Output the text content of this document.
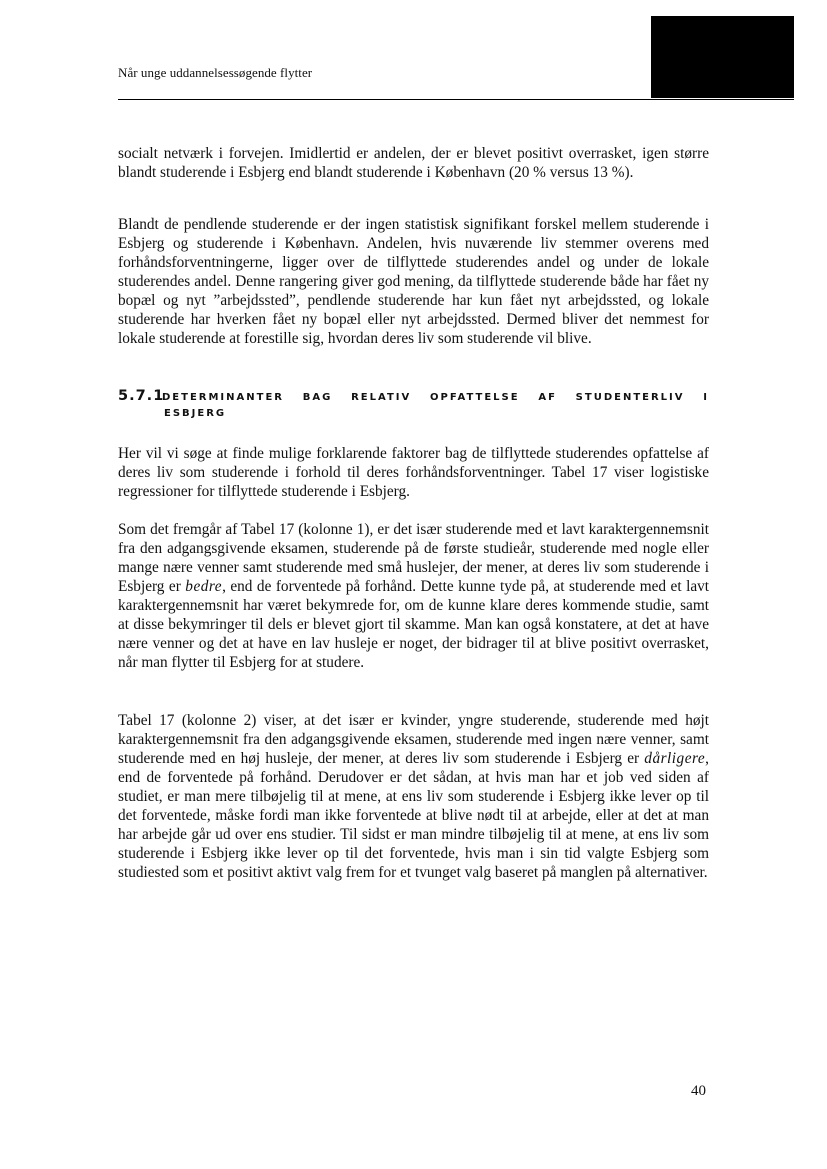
Når unge uddannelsessøgende flytter

socialt netværk i forvejen. Imidlertid er andelen, der er blevet positivt overrasket, igen større blandt studerende i Esbjerg end blandt studerende i København (20 % versus 13 %).

Blandt de pendlende studerende er der ingen statistisk signifikant forskel mellem studerende i Esbjerg og studerende i København. Andelen, hvis nuværende liv stemmer overens med forhåndsforventningerne, ligger over de tilflyttede studerendes andel og under de lokale studerendes andel. Denne rangering giver god mening, da tilflyttede studerende både har fået ny bopæl og nyt ”arbejdssted”, pendlende studerende har kun fået nyt arbejdssted, og lokale studerende har hverken fået ny bopæl eller nyt arbejdssted. Dermed bliver det nemmest for lokale studerende at forestille sig, hvordan deres liv som studerende vil blive.

5.7.1DETERMINANTER BAG RELATIV OPFATTELSE AF STUDENTERLIV I
ESBJERG

Her vil vi søge at finde mulige forklarende faktorer bag de tilflyttede studerendes opfattelse af deres liv som studerende i forhold til deres forhåndsforventninger. Tabel 17 viser logistiske regressioner for tilflyttede studerende i Esbjerg.

Som det fremgår af Tabel 17 (kolonne 1), er det især studerende med et lavt karaktergennemsnit fra den adgangsgivende eksamen, studerende på de første studieår, studerende med nogle eller mange nære venner samt studerende med små huslejer, der mener, at deres liv som studerende i Esbjerg er bedre, end de forventede på forhånd. Dette kunne tyde på, at studerende med et lavt karaktergennemsnit har været bekymrede for, om de kunne klare deres kommende studie, samt at disse bekymringer til dels er blevet gjort til skamme. Man kan også konstatere, at det at have nære venner og det at have en lav husleje er noget, der bidrager til at blive positivt overrasket, når man flytter til Esbjerg for at studere.

Tabel 17 (kolonne 2) viser, at det især er kvinder, yngre studerende, studerende med højt karaktergennemsnit fra den adgangsgivende eksamen, studerende med ingen nære venner, samt studerende med en høj husleje, der mener, at deres liv som studerende i Esbjerg er dårligere, end de forventede på forhånd. Derudover er det sådan, at hvis man har et job ved siden af studiet, er man mere tilbøjelig til at mene, at ens liv som studerende i Esbjerg ikke lever op til det forventede, måske fordi man ikke forventede at blive nødt til at arbejde, eller at det at man har arbejde går ud over ens studier. Til sidst er man mindre tilbøjelig til at mene, at ens liv som studerende i Esbjerg ikke lever op til det forventede, hvis man i sin tid valgte Esbjerg som studiested som et positivt aktivt valg frem for et tvunget valg baseret på manglen på alternativer.

40
